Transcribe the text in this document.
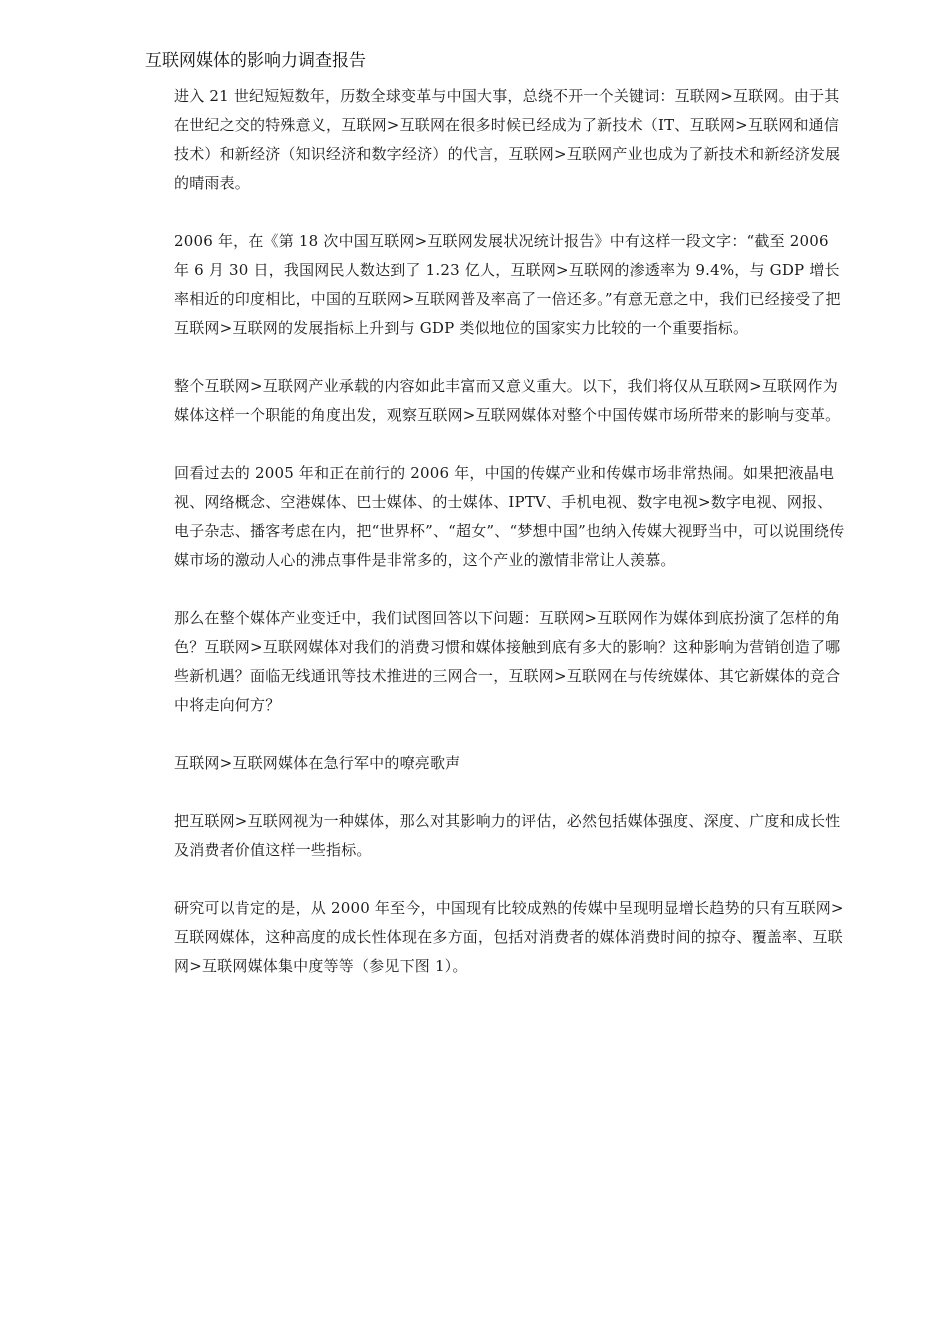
互联网媒体的影响力调查报告

进入 21 世纪短短数年，历数全球变革与中国大事，总绕不开一个关键词：互联网>互联网。由于其在世纪之交的特殊意义，互联网>互联网在很多时候已经成为了新技术（IT、互联网>互联网和通信技术）和新经济（知识经济和数字经济）的代言，互联网>互联网产业也成为了新技术和新经济发展的晴雨表。

2006 年，在《第 18 次中国互联网>互联网发展状况统计报告》中有这样一段文字：“截至 2006 年 6 月 30 日，我国网民人数达到了 1.23 亿人，互联网>互联网的渗透率为 9.4%，与 GDP 增长率相近的印度相比，中国的互联网>互联网普及率高了一倍还多。”有意无意之中，我们已经接受了把互联网>互联网的发展指标上升到与 GDP 类似地位的国家实力比较的一个重要指标。

整个互联网>互联网产业承载的内容如此丰富而又意义重大。以下，我们将仅从互联网>互联网作为媒体这样一个职能的角度出发，观察互联网>互联网媒体对整个中国传媒市场所带来的影响与变革。

回看过去的 2005 年和正在前行的 2006 年，中国的传媒产业和传媒市场非常热闹。如果把液晶电视、网络概念、空港媒体、巴士媒体、的士媒体、IPTV、手机电视、数字电视>数字电视、网报、电子杂志、播客考虑在内，把“世界杯”、“超女”、“梦想中国”也纳入传媒大视野当中，可以说围绕传媒市场的激动人心的沸点事件是非常多的，这个产业的激情非常让人羡慕。

那么在整个媒体产业变迁中，我们试图回答以下问题：互联网>互联网作为媒体到底扮演了怎样的角色？互联网>互联网媒体对我们的消费习惯和媒体接触到底有多大的影响？这种影响为营销创造了哪些新机遇？面临无线通讯等技术推进的三网合一，互联网>互联网在与传统媒体、其它新媒体的竞合中将走向何方？

互联网>互联网媒体在急行军中的嘹亮歌声

把互联网>互联网视为一种媒体，那么对其影响力的评估，必然包括媒体强度、深度、广度和成长性及消费者价值这样一些指标。

研究可以肯定的是，从 2000 年至今，中国现有比较成熟的传媒中呈现明显增长趋势的只有互联网>互联网媒体，这种高度的成长性体现在多方面，包括对消费者的媒体消费时间的掠夺、覆盖率、互联网>互联网媒体集中度等等（参见下图 1）。
